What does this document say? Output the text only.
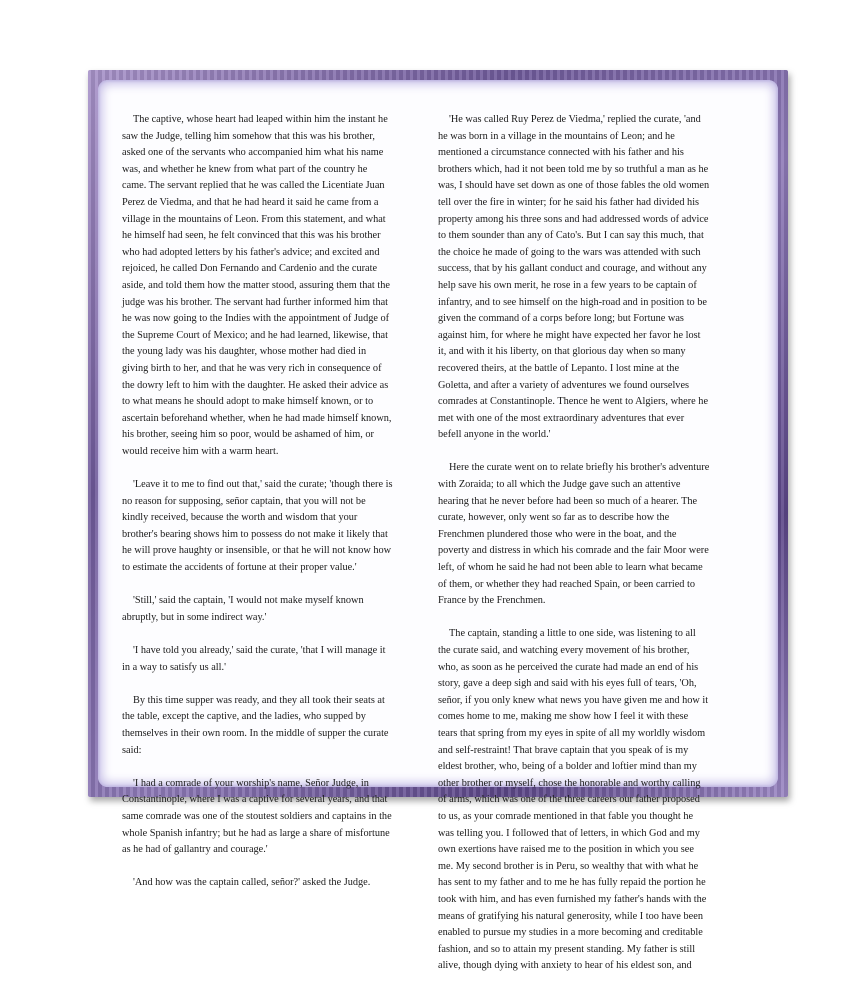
The captive, whose heart had leaped within him the instant he saw the Judge, telling him somehow that this was his brother, asked one of the servants who accompanied him what his name was, and whether he knew from what part of the country he came. The servant replied that he was called the Licentiate Juan Perez de Viedma, and that he had heard it said he came from a village in the mountains of Leon. From this statement, and what he himself had seen, he felt convinced that this was his brother who had adopted letters by his father's advice; and excited and rejoiced, he called Don Fernando and Cardenio and the curate aside, and told them how the matter stood, assuring them that the judge was his brother. The servant had further informed him that he was now going to the Indies with the appointment of Judge of the Supreme Court of Mexico; and he had learned, likewise, that the young lady was his daughter, whose mother had died in giving birth to her, and that he was very rich in consequence of the dowry left to him with the daughter. He asked their advice as to what means he should adopt to make himself known, or to ascertain beforehand whether, when he had made himself known, his brother, seeing him so poor, would be ashamed of him, or would receive him with a warm heart.

'Leave it to me to find out that,' said the curate; 'though there is no reason for supposing, señor captain, that you will not be kindly received, because the worth and wisdom that your brother's bearing shows him to possess do not make it likely that he will prove haughty or insensible, or that he will not know how to estimate the accidents of fortune at their proper value.'

'Still,' said the captain, 'I would not make myself known abruptly, but in some indirect way.'

'I have told you already,' said the curate, 'that I will manage it in a way to satisfy us all.'

By this time supper was ready, and they all took their seats at the table, except the captive, and the ladies, who supped by themselves in their own room. In the middle of supper the curate said:

'I had a comrade of your worship's name, Señor Judge, in Constantinople, where I was a captive for several years, and that same comrade was one of the stoutest soldiers and captains in the whole Spanish infantry; but he had as large a share of misfortune as he had of gallantry and courage.'

'And how was the captain called, señor?' asked the Judge.

'He was called Ruy Perez de Viedma,' replied the curate, 'and he was born in a village in the mountains of Leon; and he mentioned a circumstance connected with his father and his brothers which, had it not been told me by so truthful a man as he was, I should have set down as one of those fables the old women tell over the fire in winter; for he said his father had divided his property among his three sons and had addressed words of advice to them sounder than any of Cato's. But I can say this much, that the choice he made of going to the wars was attended with such success, that by his gallant conduct and courage, and without any help save his own merit, he rose in a few years to be captain of infantry, and to see himself on the high-road and in position to be given the command of a corps before long; but Fortune was against him, for where he might have expected her favor he lost it, and with it his liberty, on that glorious day when so many recovered theirs, at the battle of Lepanto. I lost mine at the Goletta, and after a variety of adventures we found ourselves comrades at Constantinople. Thence he went to Algiers, where he met with one of the most extraordinary adventures that ever befell anyone in the world.'

Here the curate went on to relate briefly his brother's adventure with Zoraida; to all which the Judge gave such an attentive hearing that he never before had been so much of a hearer. The curate, however, only went so far as to describe how the Frenchmen plundered those who were in the boat, and the poverty and distress in which his comrade and the fair Moor were left, of whom he said he had not been able to learn what became of them, or whether they had reached Spain, or been carried to France by the Frenchmen.

The captain, standing a little to one side, was listening to all the curate said, and watching every movement of his brother, who, as soon as he perceived the curate had made an end of his story, gave a deep sigh and said with his eyes full of tears, 'Oh, señor, if you only knew what news you have given me and how it comes home to me, making me show how I feel it with these tears that spring from my eyes in spite of all my worldly wisdom and self-restraint! That brave captain that you speak of is my eldest brother, who, being of a bolder and loftier mind than my other brother or myself, chose the honorable and worthy calling of arms, which was one of the three careers our father proposed to us, as your comrade mentioned in that fable you thought he was telling you. I followed that of letters, in which God and my own exertions have raised me to the position in which you see me. My second brother is in Peru, so wealthy that with what he has sent to my father and to me he has fully repaid the portion he took with him, and has even furnished my father's hands with the means of gratifying his natural generosity, while I too have been enabled to pursue my studies in a more becoming and creditable fashion, and so to attain my present standing. My father is still alive, though dying with anxiety to hear of his eldest son, and
